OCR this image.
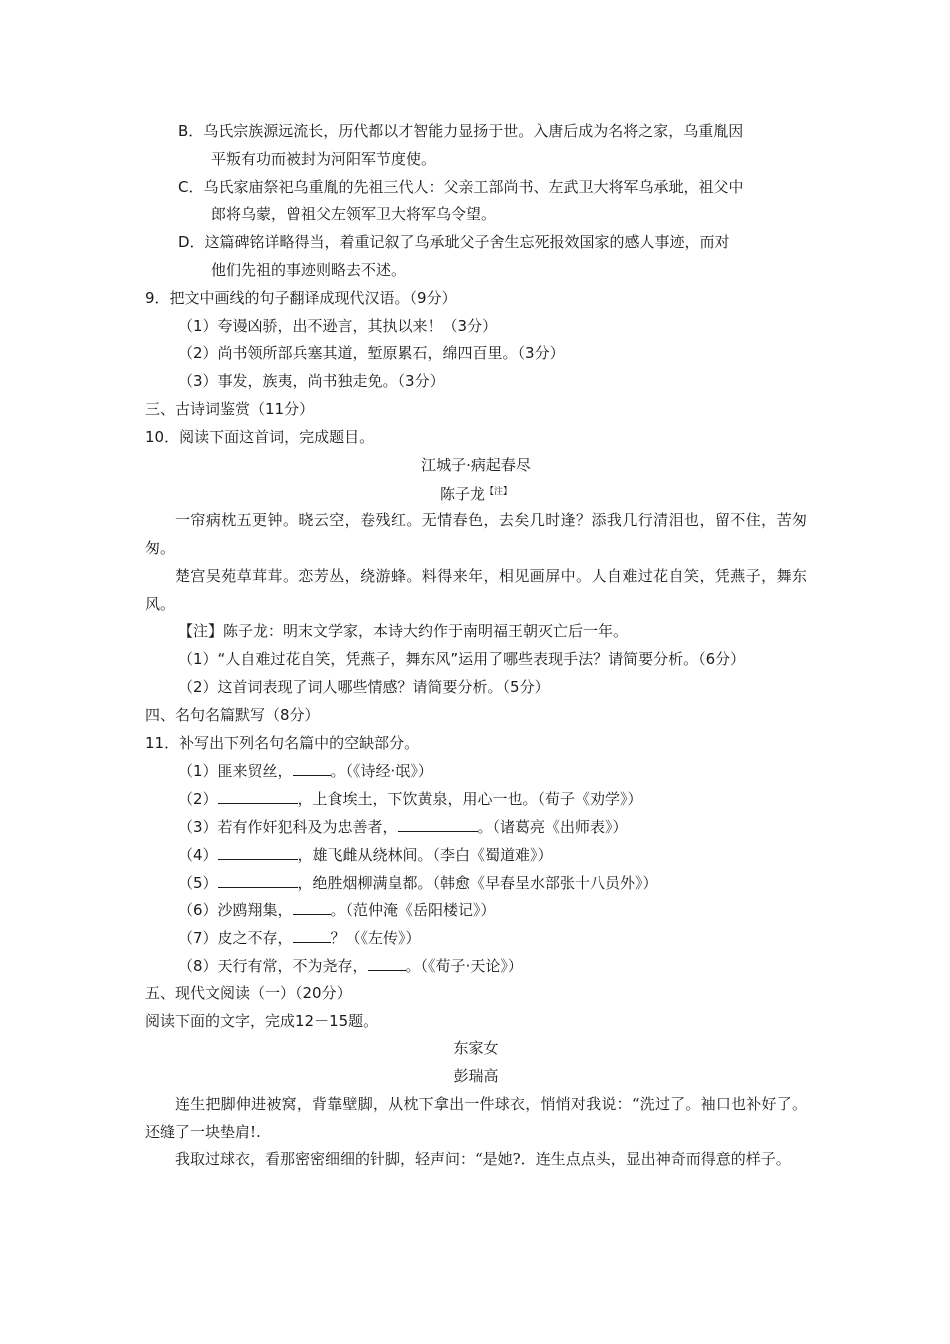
B．乌氏宗族源远流长，历代都以才智能力显扬于世。入唐后成为名将之家，乌重胤因
平叛有功而被封为河阳军节度使。
C．乌氏家庙祭祀乌重胤的先祖三代人：父亲工部尚书、左武卫大将军乌承玼，祖父中
郎将乌蒙，曾祖父左领军卫大将军乌令望。
D．这篇碑铭详略得当，着重记叙了乌承玼父子舍生忘死报效国家的感人事迹，而对
他们先祖的事迹则略去不述。
9．把文中画线的句子翻译成现代汉语。（9分）
（1）夸谩凶骄，出不逊言，其执以来！（3分）
（2）尚书领所部兵塞其道，堑原累石，绵四百里。（3分）
（3）事发，族夷，尚书独走免。（3分）
三、古诗词鉴赏（11分）
10．阅读下面这首词，完成题目。
江城子·病起春尽
陈子龙$^{【注】}$
一帘病枕五更钟。晓云空，卷残红。无情春色，去矣几时逢？添我几行清泪也，留不住，苦匆匆。
楚宫吴苑草茸茸。恋芳丛，绕游蜂。料得来年，相见画屏中。人自难过花自笑，凭燕子，舞东风。
【注】陈子龙：明末文学家，本诗大约作于南明福王朝灭亡后一年。
（1）“人自难过花自笑，凭燕子，舞东风”运用了哪些表现手法？请简要分析。（6分）
（2）这首词表现了词人哪些情感？请简要分析。（5分）
四、名句名篇默写（8分）
11．补写出下列名句名篇中的空缺部分。
（1）匪来贸丝，	。（《诗经·氓》）
（2）	，上食埃土，下饮黄泉，用心一也。（荀子《劝学》）
（3）若有作奸犯科及为忠善者，	。（诸葛亮《出师表》）
（4）	，雄飞雌从绕林间。（李白《蜀道难》）
（5）	，绝胜烟柳满皇都。（韩愈《早春呈水部张十八员外》）
（6）沙鸥翔集，	。（范仲淹《岳阳楼记》）
（7）皮之不存，	？（《左传》）
（8）天行有常，不为尧存，	。（《荀子·天论》）
五、现代文阅读（一）（20分）
阅读下面的文字，完成12－15题。
东家女
彭瑞高
连生把脚伸进被窝，背靠壁脚，从枕下拿出一件球衣，悄悄对我说：“洗过了。袖口也补好了。还缝了一块垫肩!.
我取过球衣，看那密密细细的针脚，轻声问：“是她?．连生点点头，显出神奇而得意的样子。
